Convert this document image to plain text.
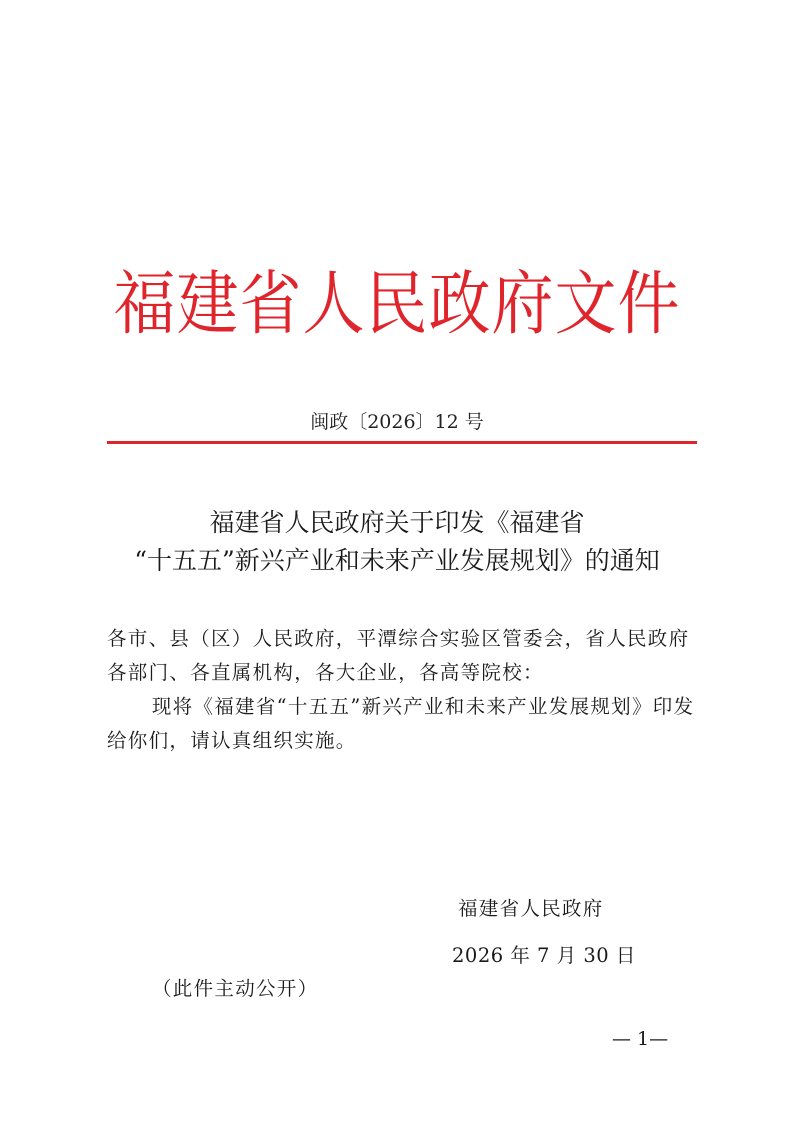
福建省人民政府文件
闽政〔2026〕12 号
福建省人民政府关于印发《福建省
“十五五”新兴产业和未来产业发展规划》的通知

各市、县（区）人民政府，平潭综合实验区管委会，省人民政府各部门、各直属机构，各大企业，各高等院校：

现将《福建省“十五五”新兴产业和未来产业发展规划》印发给你们，请认真组织实施。

福建省人民政府
2026 年 7 月 30 日
（此件主动公开）
— 1—
